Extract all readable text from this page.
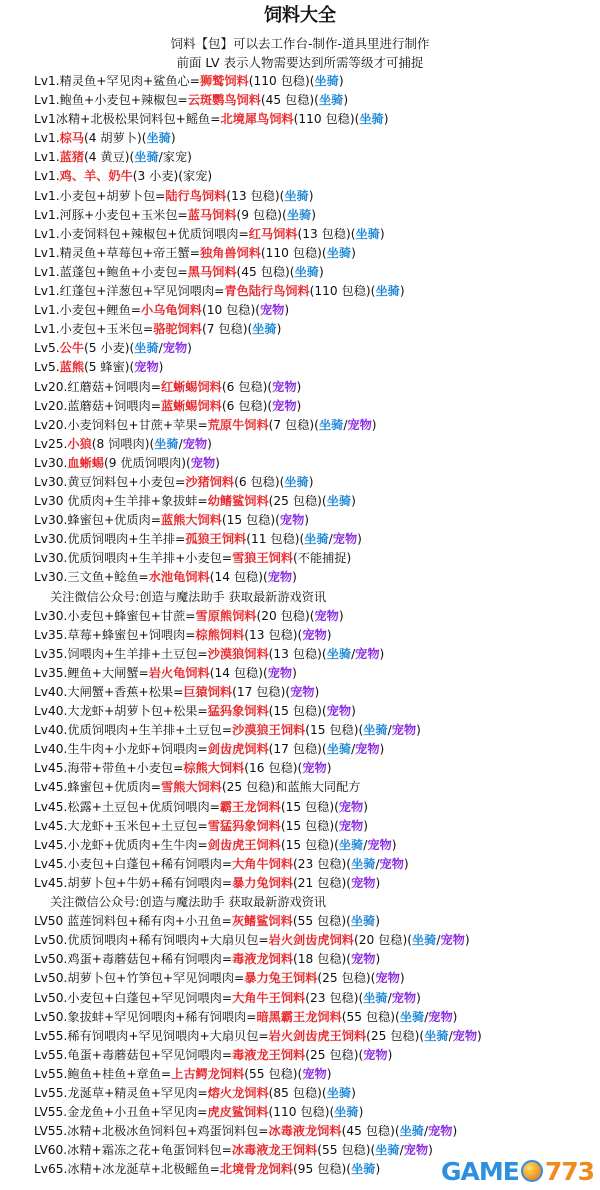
饲料大全
饲料【包】可以去工作台-制作-道具里进行制作
前面 LV 表示人物需要达到所需等级才可捕捉
Lv1.精灵鱼+罕见肉+鲨鱼心=狮鹫饲料(110 包稳)(坐骑)
Lv1.鲍鱼+小麦包+辣椒包=云斑鹦鸟饲料(45 包稳)(坐骑)
Lv1冰精+北极松果饲料包+鳐鱼=北境犀鸟饲料(110 包稳)(坐骑)
Lv1.棕马(4 胡萝卜)(坐骑)
Lv1.蓝猪(4 黄豆)(坐骑/家宠)
Lv1.鸡、羊、奶牛(3 小麦)(家宠)
Lv1.小麦包+胡萝卜包=陆行鸟饲料(13 包稳)(坐骑)
Lv1.河豚+小麦包+玉米包=蓝马饲料(9 包稳)(坐骑)
Lv1.小麦饲料包+辣椒包+优质饲喂肉=红马饲料(13 包稳)(坐骑)
Lv1.精灵鱼+草莓包+帝王蟹=独角兽饲料(110 包稳)(坐骑)
Lv1.蓝蓬包+鲍鱼+小麦包=黑马饲料(45 包稳)(坐骑)
Lv1.红蓬包+洋葱包+罕见饲喂肉=青色陆行鸟饲料(110 包稳)(坐骑)
Lv1.小麦包+鲤鱼=小乌龟饲料(10 包稳)(宠物)
Lv1.小麦包+玉米包=骆驼饲料(7 包稳)(坐骑)
Lv5.公牛(5 小麦)(坐骑/宠物)
Lv5.蓝熊(5 蜂蜜)(宠物)
Lv20.红蘑菇+饲喂肉=红蜥蜴饲料(6 包稳)(宠物)
Lv20.蓝蘑菇+饲喂肉=蓝蜥蜴饲料(6 包稳)(宠物)
Lv20.小麦饲料包+甘蔗+苹果=荒原牛饲料(7 包稳)(坐骑/宠物)
Lv25.小狼(8 饲喂肉)(坐骑/宠物)
Lv30.血蜥蜴(9 优质饲喂肉)(宠物)
Lv30.黄豆饲料包+小麦包=沙猪饲料(6 包稳)(坐骑)
Lv30 优质肉+生羊排+象拔蚌=幼鳍鲨饲料(25 包稳)(坐骑)
Lv30.蜂蜜包+优质肉=蓝熊大饲料(15 包稳)(宠物)
Lv30.优质饲喂肉+生羊排=孤狼王饲料(11 包稳)(坐骑/宠物)
Lv30.优质饲喂肉+生羊排+小麦包=雪狼王饲料(不能捕捉)
Lv30.三文鱼+鲶鱼=水池龟饲料(14 包稳)(宠物)
关注微信公众号:创造与魔法助手 获取最新游戏资讯
Lv30.小麦包+蜂蜜包+甘蔗=雪原熊饲料(20 包稳)(宠物)
Lv35.草莓+蜂蜜包+饲喂肉=棕熊饲料(13 包稳)(宠物)
Lv35.饲喂肉+生羊排+土豆包=沙漠狼饲料(13 包稳)(坐骑/宠物)
Lv35.鲤鱼+大闸蟹=岩火龟饲料(14 包稳)(宠物)
Lv40.大闸蟹+香蕉+松果=巨猿饲料(17 包稳)(宠物)
Lv40.大龙虾+胡萝卜包+松果=猛犸象饲料(15 包稳)(宠物)
Lv40.优质饲喂肉+生羊排+土豆包=沙漠狼王饲料(15 包稳)(坐骑/宠物)
Lv40.生牛肉+小龙虾+饲喂肉=剑齿虎饲料(17 包稳)(坐骑/宠物)
Lv45.海带+带鱼+小麦包=棕熊大饲料(16 包稳)(宠物)
Lv45.蜂蜜包+优质肉=雪熊大饲料(25 包稳)和蓝熊大同配方
Lv45.松露+土豆包+优质饲喂肉=霸王龙饲料(15 包稳)(宠物)
Lv45.大龙虾+玉米包+土豆包=雪猛犸象饲料(15 包稳)(宠物)
Lv45.小龙虾+优质肉+生牛肉=剑齿虎王饲料(15 包稳)(坐骑/宠物)
Lv45.小麦包+白蓬包+稀有饲喂肉=大角牛饲料(23 包稳)(坐骑/宠物)
Lv45.胡萝卜包+牛奶+稀有饲喂肉=暴力兔饲料(21 包稳)(宠物)
关注微信公众号:创造与魔法助手 获取最新游戏资讯
LV50 蓝莲饲料包+稀有肉+小丑鱼=灰鳍鲨饲料(55 包稳)(坐骑)
Lv50.优质饲喂肉+稀有饲喂肉+大扇贝包=岩火剑齿虎饲料(20 包稳)(坐骑/宠物)
Lv50.鸡蛋+毒蘑菇包+稀有饲喂肉=毒液龙饲料(18 包稳)(宠物)
Lv50.胡萝卜包+竹笋包+罕见饲喂肉=暴力兔王饲料(25 包稳)(宠物)
Lv50.小麦包+白蓬包+罕见饲喂肉=大角牛王饲料(23 包稳)(坐骑/宠物)
Lv50.象拔蚌+罕见饲喂肉+稀有饲喂肉=暗黑霸王龙饲料(55 包稳)(坐骑/宠物)
Lv55.稀有饲喂肉+罕见饲喂肉+大扇贝包=岩火剑齿虎王饲料(25 包稳)(坐骑/宠物)
Lv55.龟蛋+毒蘑菇包+罕见饲喂肉=毒液龙王饲料(25 包稳)(宠物)
Lv55.鲍鱼+桂鱼+章鱼=上古鳄龙饲料(55 包稳)(宠物)
Lv55.龙涎草+精灵鱼+罕见肉=熔火龙饲料(85 包稳)(坐骑)
LV55.金龙鱼+小丑鱼+罕见肉=虎皮鲨饲料(110 包稳)(坐骑)
LV55.冰精+北极冰鱼饲料包+鸡蛋饲料包=冰毒液龙饲料(45 包稳)(坐骑/宠物)
LV60.冰精+霜冻之花+龟蛋饲料包=冰毒液龙王饲料(55 包稳)(坐骑/宠物)
Lv65.冰精+冰龙涎草+北极鳐鱼=北境骨龙饲料(95 包稳)(坐骑)	GAME 773
